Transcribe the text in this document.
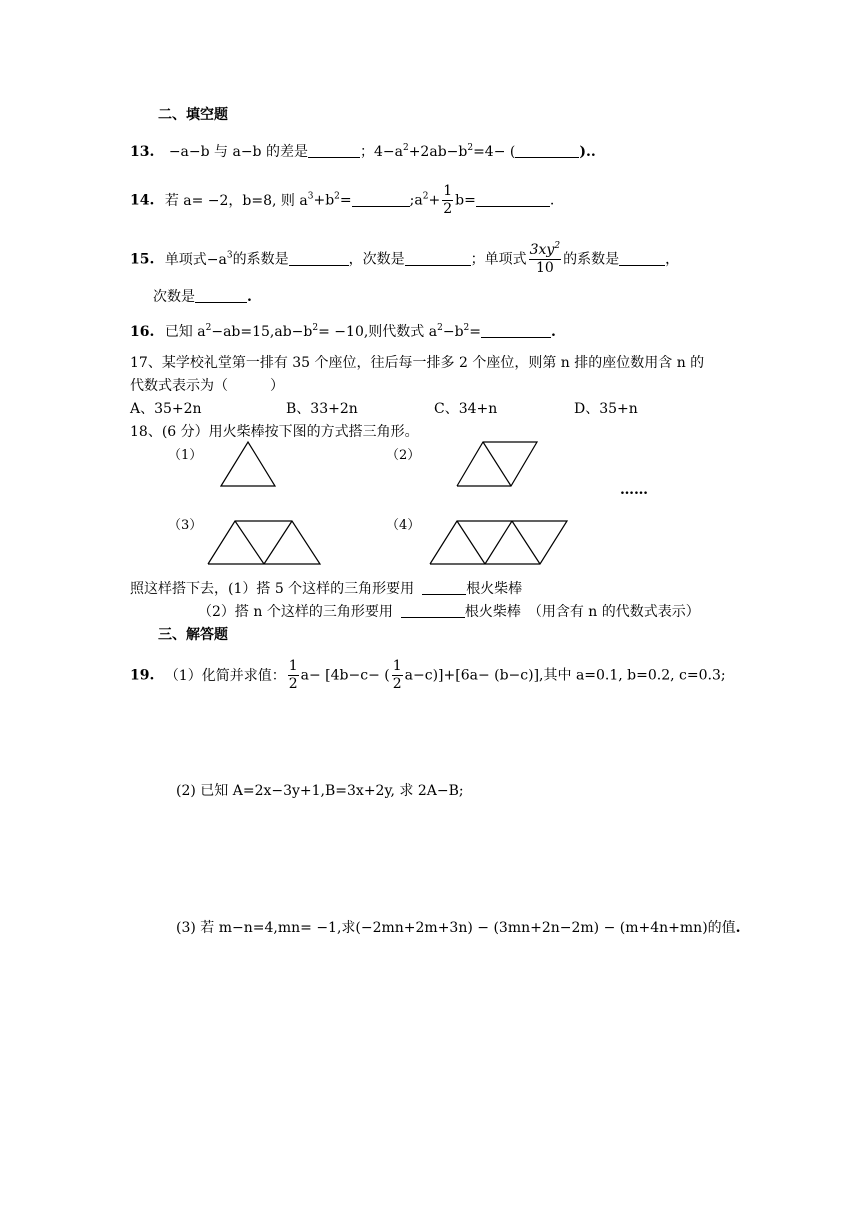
二、填空题
13. −a−b 与 a−b 的差是	；$4-a^2+2ab-b^2=4-$ (	)..
14. 若 a= −2，b=8, 则 $a^3+b^2=$	$;a^2+ \frac{1}{2} b=$	.
15. 单项式$-a^3$的系数是	，次数是	；单项式 $\frac{3xy^2}{10}$ 的系数是	，
次数是	.
16. 已知 $a^2-ab=15,ab-b^2= -10$,则代数式 $a^2-b^2=$	.
17、某学校礼堂第一排有 35 个座位，往后每一排多 2 个座位，则第 n 排的座位数用含 n 的
代数式表示为（　　　）
A、35+2n	B、33+2n	C、34+n	D、35+n
18、(6 分）用火柴棒按下图的方式搭三角形。
（1）	（2）
（3）	（4）
……
照这样搭下去，(1）搭 5 个这样的三角形要用	根火柴棒
（2）搭 n 个这样的三角形要用	根火柴棒　（用含有 n 的代数式表示）
三、解答题
19. （1）化简并求值： $\frac{1}{2} a- [4b-c-$ ( $\frac{1}{2} a-c)]+[6a- (b-c)]$,其中 a=0.1, b=0.2, c=0.3;
(2) 已知 A=2x−3y+1,B=3x+2y, 求 2A−B;
(3) 若 m−n=4,mn= −1,求(−2mn+2m+3n) − (3mn+2n−2m) − (m+4n+mn)的值.
